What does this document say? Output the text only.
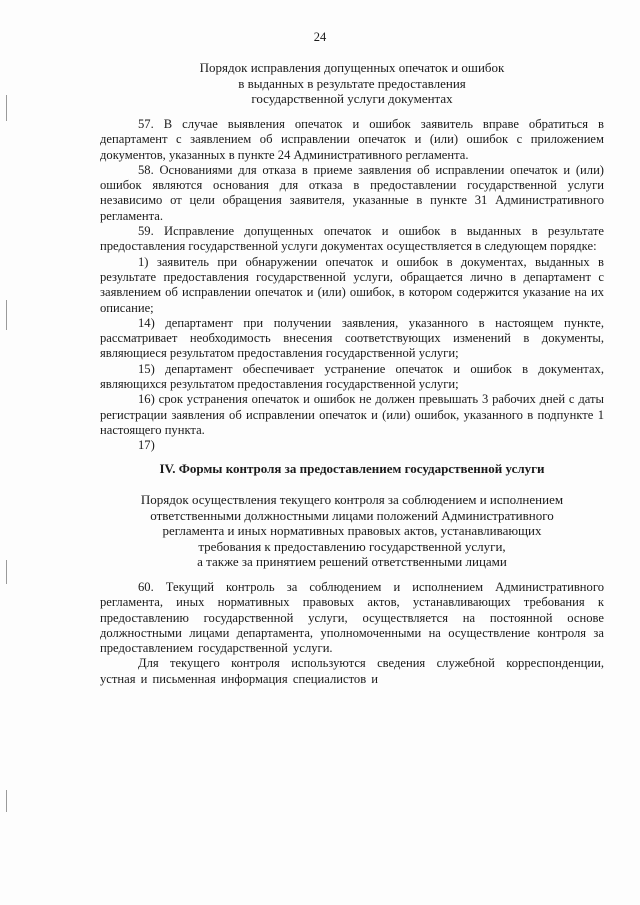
24
Порядок исправления допущенных опечаток и ошибок
в выданных в результате предоставления
государственной услуги документах
57. В случае выявления опечаток и ошибок заявитель вправе обратиться в департамент с заявлением об исправлении опечаток и (или) ошибок с приложением документов, указанных в пункте 24 Административного регламента.
58. Основаниями для отказа в приеме заявления об исправлении опечаток и (или) ошибок являются основания для отказа в предоставлении государственной услуги независимо от цели обращения заявителя, указанные в пункте 31 Административного регламента.
59. Исправление допущенных опечаток и ошибок в выданных в результате предоставления государственной услуги документах осуществляется в следующем порядке:
1) заявитель при обнаружении опечаток и ошибок в документах, выданных в результате предоставления государственной услуги, обращается лично в департамент с заявлением об исправлении опечаток и (или) ошибок, в котором содержится указание на их описание;
14) департамент при получении заявления, указанного в настоящем пункте, рассматривает необходимость внесения соответствующих изменений в документы, являющиеся результатом предоставления государственной услуги;
15) департамент обеспечивает устранение опечаток и ошибок в документах, являющихся результатом предоставления государственной услуги;
16) срок устранения опечаток и ошибок не должен превышать 3 рабочих дней с даты регистрации заявления об исправлении опечаток и (или) ошибок, указанного в подпункте 1 настоящего пункта.
17)
IV. Формы контроля за предоставлением государственной услуги
Порядок осуществления текущего контроля за соблюдением и исполнением
ответственными должностными лицами положений Административного
регламента и иных нормативных правовых актов, устанавливающих
требования к предоставлению государственной услуги,
а также за принятием решений ответственными лицами
60. Текущий контроль за соблюдением и исполнением Административного регламента, иных нормативных правовых актов, устанавливающих требования к предоставлению государственной услуги, осуществляется на постоянной основе должностными лицами департамента, уполномоченными на осуществление контроля за предоставлением государственной услуги.
Для текущего контроля используются сведения служебной корреспонденции, устная и письменная информация специалистов и
